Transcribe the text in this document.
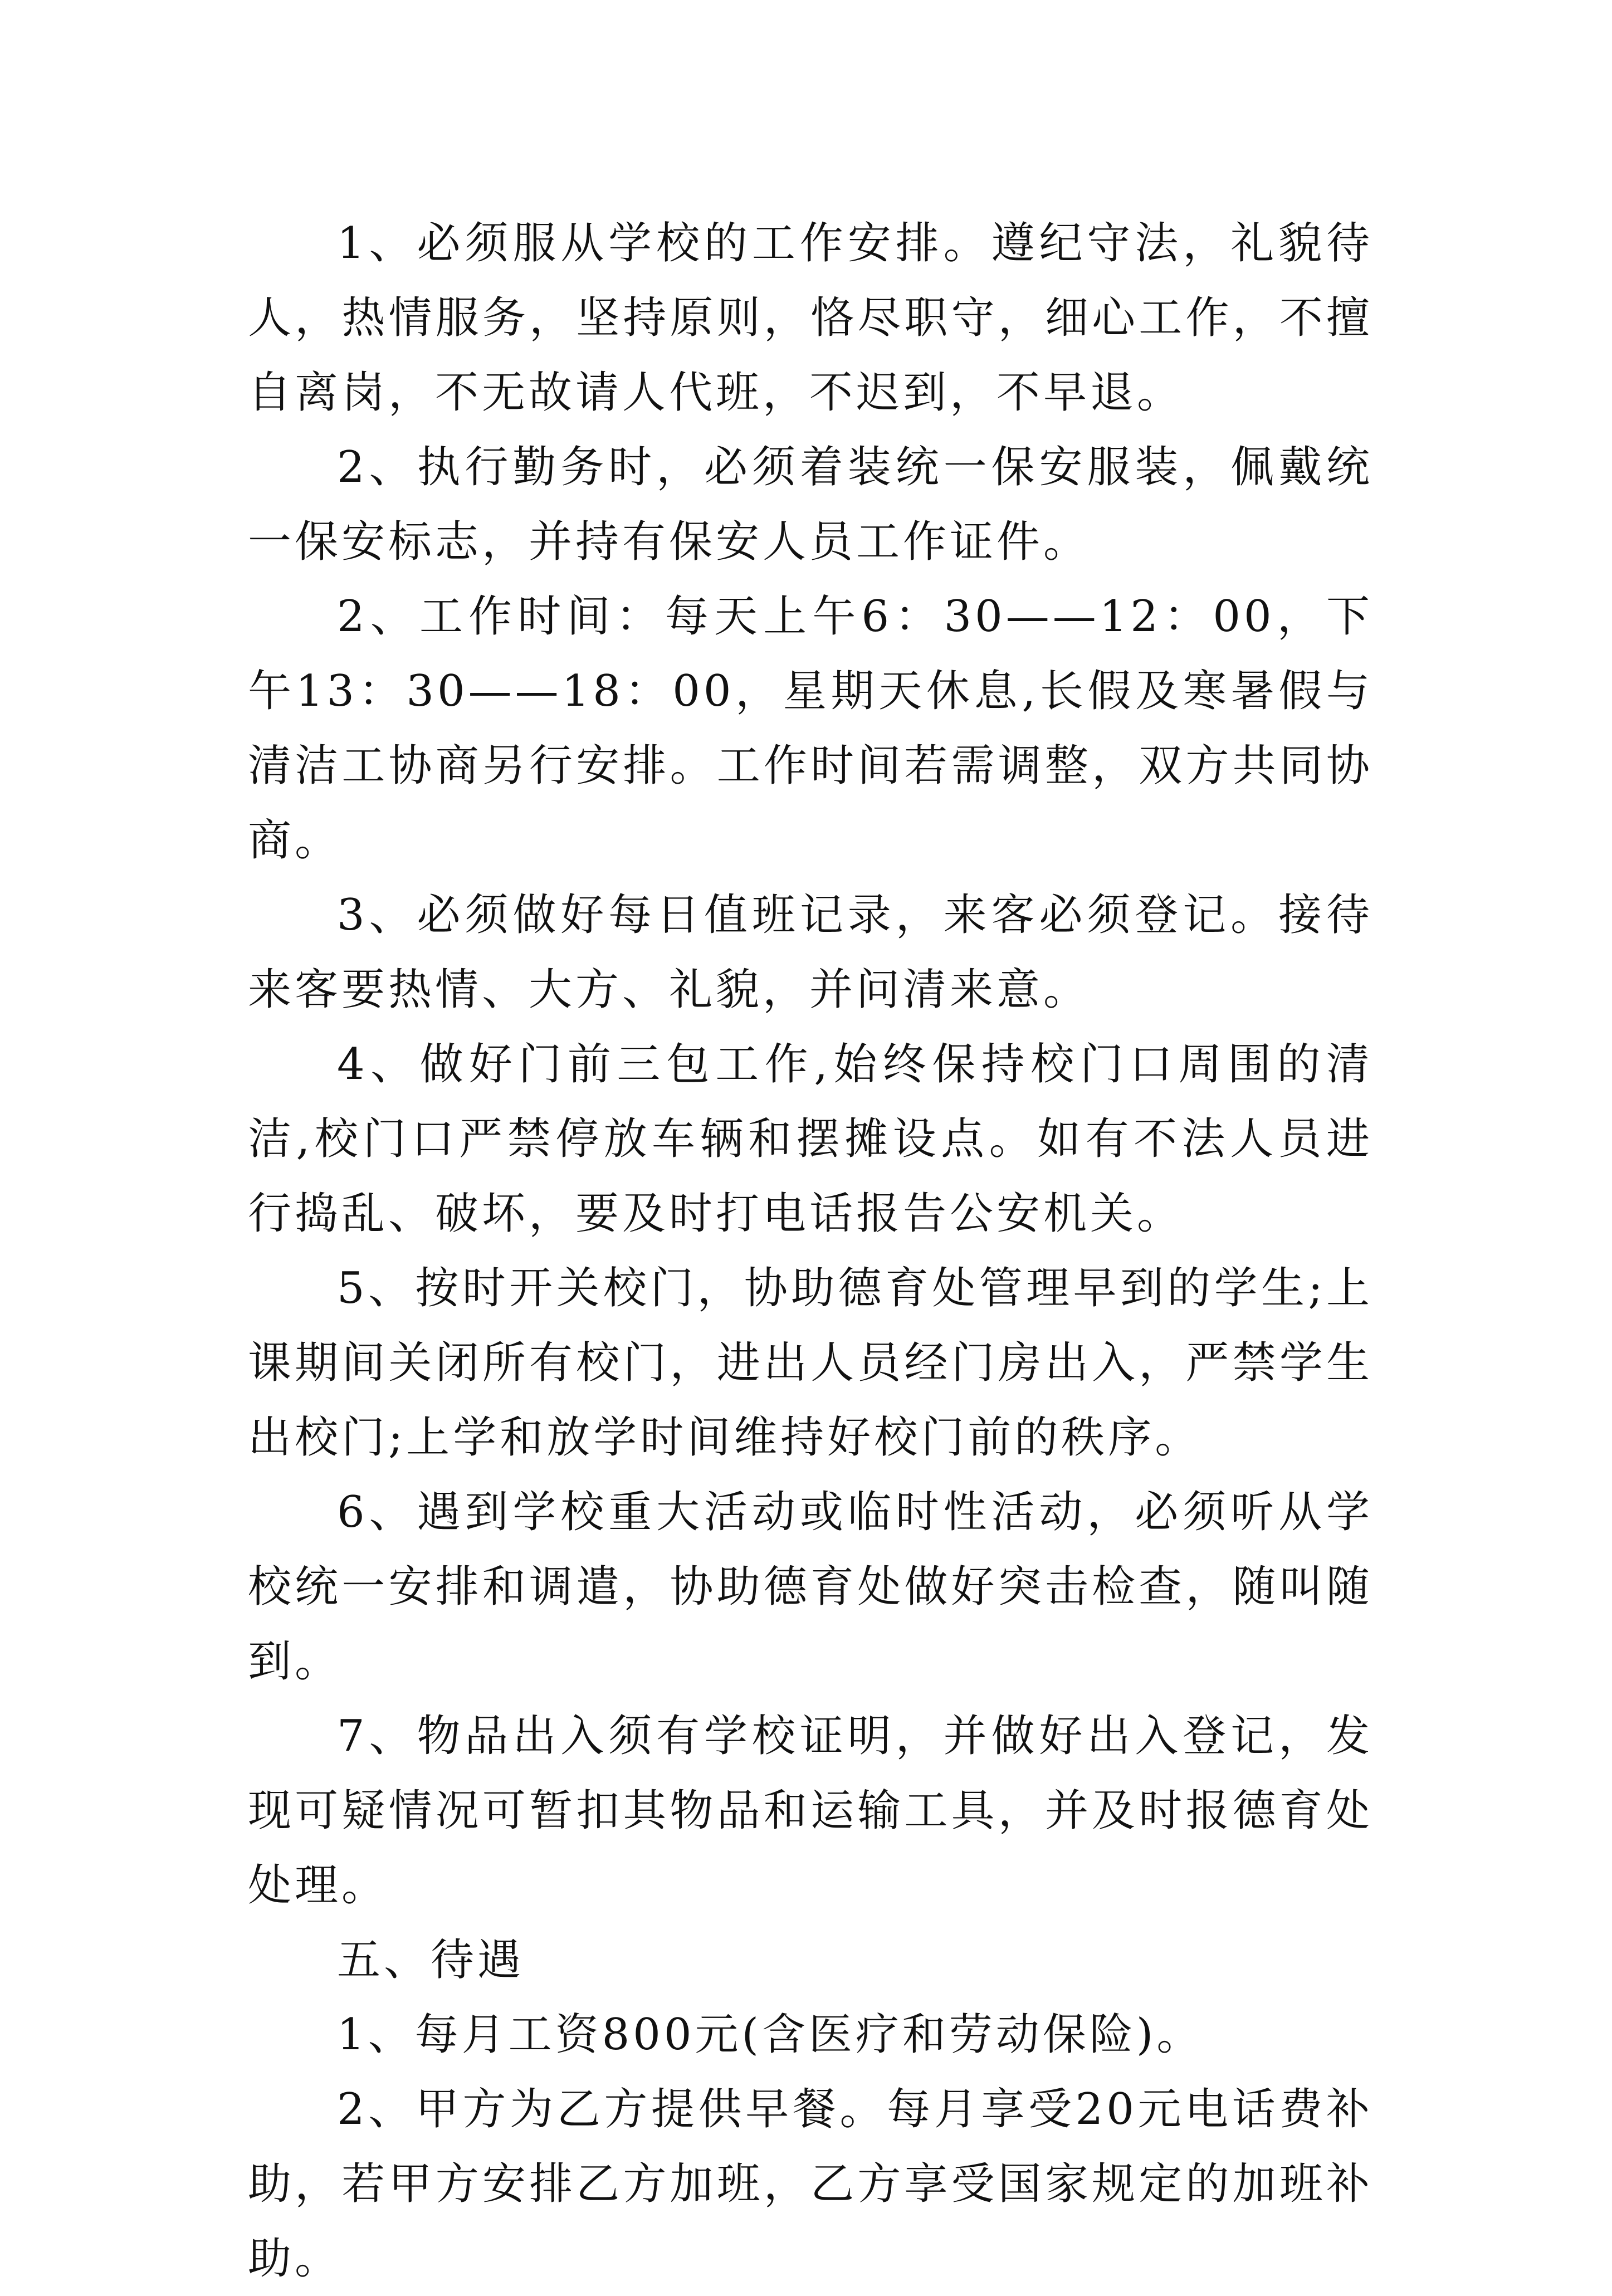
1、必须服从学校的工作安排。遵纪守法，礼貌待人，热情服务，坚持原则，恪尽职守，细心工作，不擅自离岗，不无故请人代班，不迟到，不早退。

2、执行勤务时，必须着装统一保安服装，佩戴统一保安标志，并持有保安人员工作证件。

2、工作时间：每天上午6：30——12：00，下午13：30——18：00，星期天休息,长假及寒暑假与清洁工协商另行安排。工作时间若需调整，双方共同协商。

3、必须做好每日值班记录，来客必须登记。接待来客要热情、大方、礼貌，并问清来意。

4、做好门前三包工作,始终保持校门口周围的清洁,校门口严禁停放车辆和摆摊设点。如有不法人员进行捣乱、破坏，要及时打电话报告公安机关。

5、按时开关校门，协助德育处管理早到的学生;上课期间关闭所有校门，进出人员经门房出入，严禁学生出校门;上学和放学时间维持好校门前的秩序。

6、遇到学校重大活动或临时性活动，必须听从学校统一安排和调遣，协助德育处做好突击检查，随叫随到。

7、物品出入须有学校证明，并做好出入登记，发现可疑情况可暂扣其物品和运输工具，并及时报德育处处理。

五、待遇

1、每月工资800元(含医疗和劳动保险)。

2、甲方为乙方提供早餐。每月享受20元电话费补助，若甲方安排乙方加班，乙方享受国家规定的加班补助。
